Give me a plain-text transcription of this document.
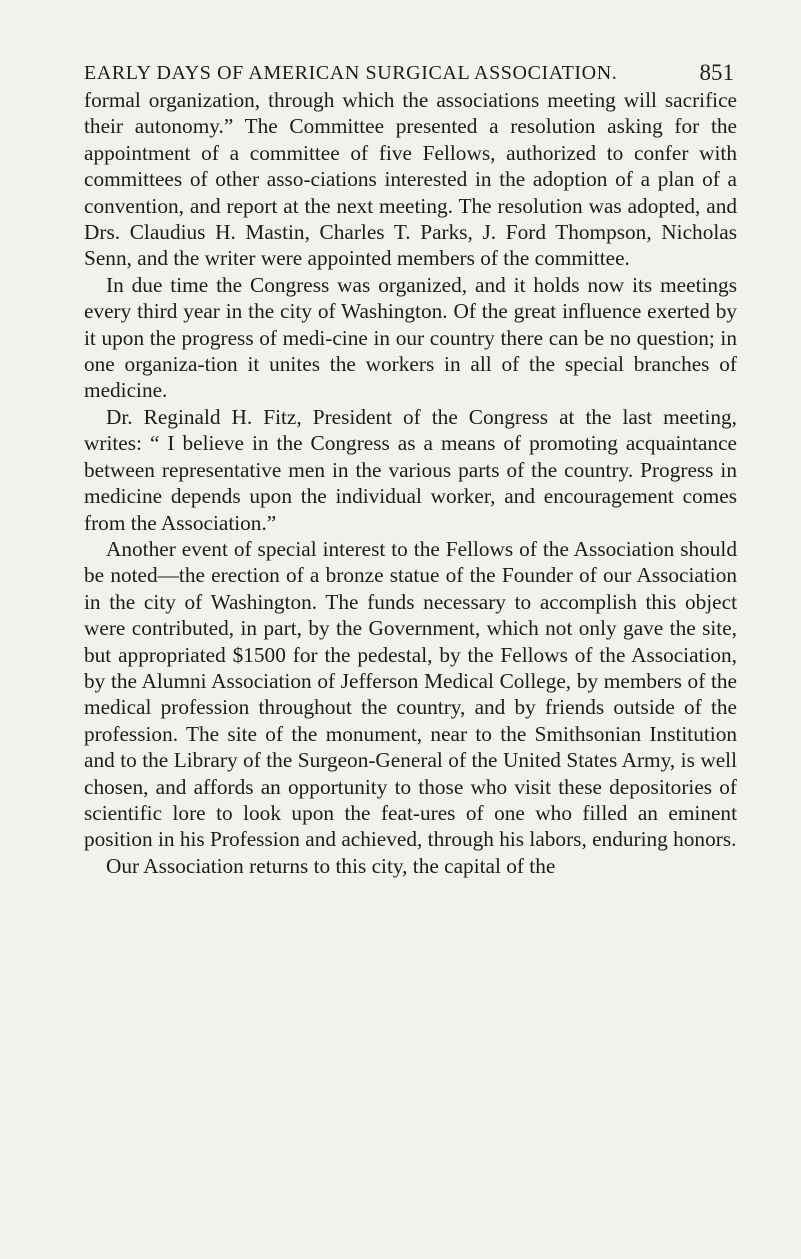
EARLY DAYS OF AMERICAN SURGICAL ASSOCIATION.	851

formal organization, through which the associations meeting will sacrifice their autonomy.” The Committee presented a resolution asking for the appointment of a committee of five Fellows, authorized to confer with committees of other asso-ciations interested in the adoption of a plan of a convention, and report at the next meeting. The resolution was adopted, and Drs. Claudius H. Mastin, Charles T. Parks, J. Ford Thompson, Nicholas Senn, and the writer were appointed members of the committee.

In due time the Congress was organized, and it holds now its meetings every third year in the city of Washington. Of the great influence exerted by it upon the progress of medi-cine in our country there can be no question; in one organiza-tion it unites the workers in all of the special branches of medicine.

Dr. Reginald H. Fitz, President of the Congress at the last meeting, writes: “ I believe in the Congress as a means of promoting acquaintance between representative men in the various parts of the country. Progress in medicine depends upon the individual worker, and encouragement comes from the Association.”

Another event of special interest to the Fellows of the Association should be noted—the erection of a bronze statue of the Founder of our Association in the city of Washington. The funds necessary to accomplish this object were contributed, in part, by the Government, which not only gave the site, but appropriated $1500 for the pedestal, by the Fellows of the Association, by the Alumni Association of Jefferson Medical College, by members of the medical profession throughout the country, and by friends outside of the profession. The site of the monument, near to the Smithsonian Institution and to the Library of the Surgeon-General of the United States Army, is well chosen, and affords an opportunity to those who visit these depositories of scientific lore to look upon the feat-ures of one who filled an eminent position in his Profession and achieved, through his labors, enduring honors.

Our Association returns to this city, the capital of the
